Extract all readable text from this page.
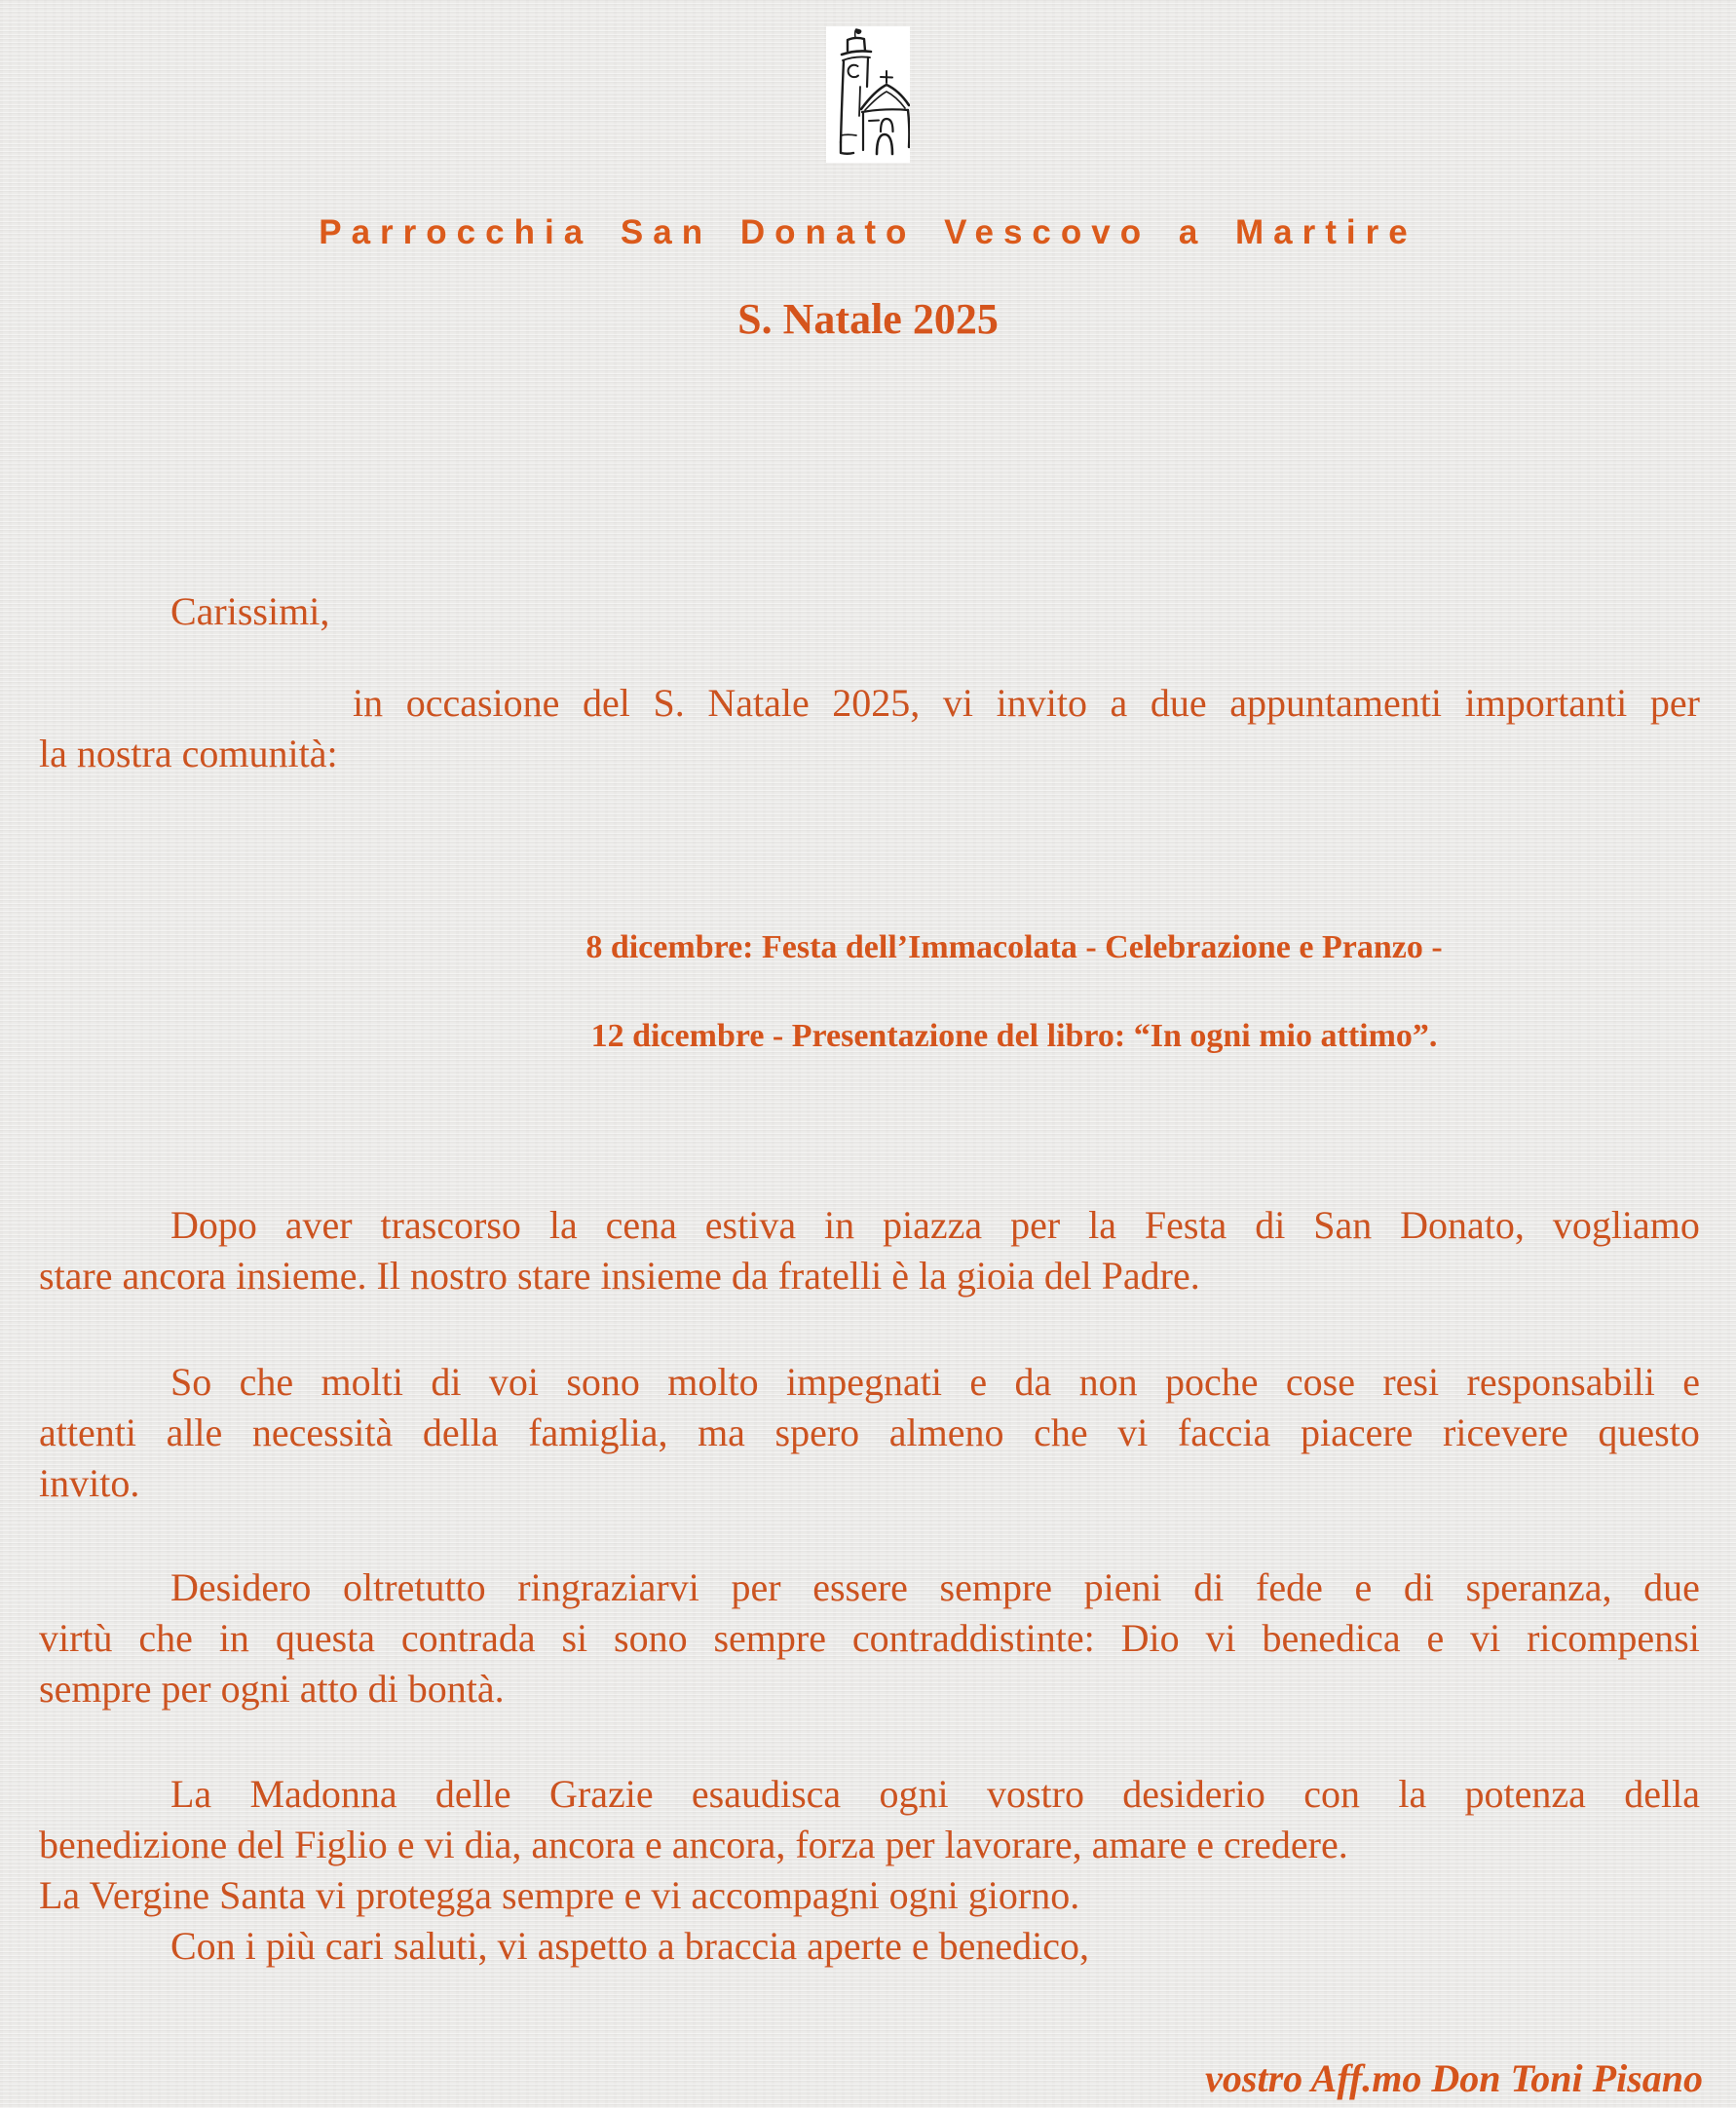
Parrocchia San Donato Vescovo a Martire
S. Natale 2025
Carissimi,
in occasione del S. Natale 2025, vi invito a due appuntamenti importanti per
la nostra comunità:
8 dicembre: Festa dell’Immacolata - Celebrazione e Pranzo -
12 dicembre - Presentazione del libro: “In ogni mio attimo”.
Dopo aver trascorso la cena estiva in piazza per la Festa di San Donato, vogliamo
stare ancora insieme. Il nostro stare insieme da fratelli è la gioia del Padre.
So che molti di voi sono molto impegnati e da non poche cose resi responsabili e
attenti alle necessità della famiglia, ma spero almeno che vi faccia piacere ricevere questo
invito.
Desidero oltretutto ringraziarvi per essere sempre pieni di fede e di speranza, due
virtù che in questa contrada si sono sempre contraddistinte: Dio vi benedica e vi ricompensi
sempre per ogni atto di bontà.
La Madonna delle Grazie esaudisca ogni vostro desiderio con la potenza della
benedizione del Figlio e vi dia, ancora e ancora, forza per lavorare, amare e credere.
La Vergine Santa vi protegga sempre e vi accompagni ogni giorno.
Con i più cari saluti, vi aspetto a braccia aperte e benedico,
vostro Aff.mo Don Toni Pisano
